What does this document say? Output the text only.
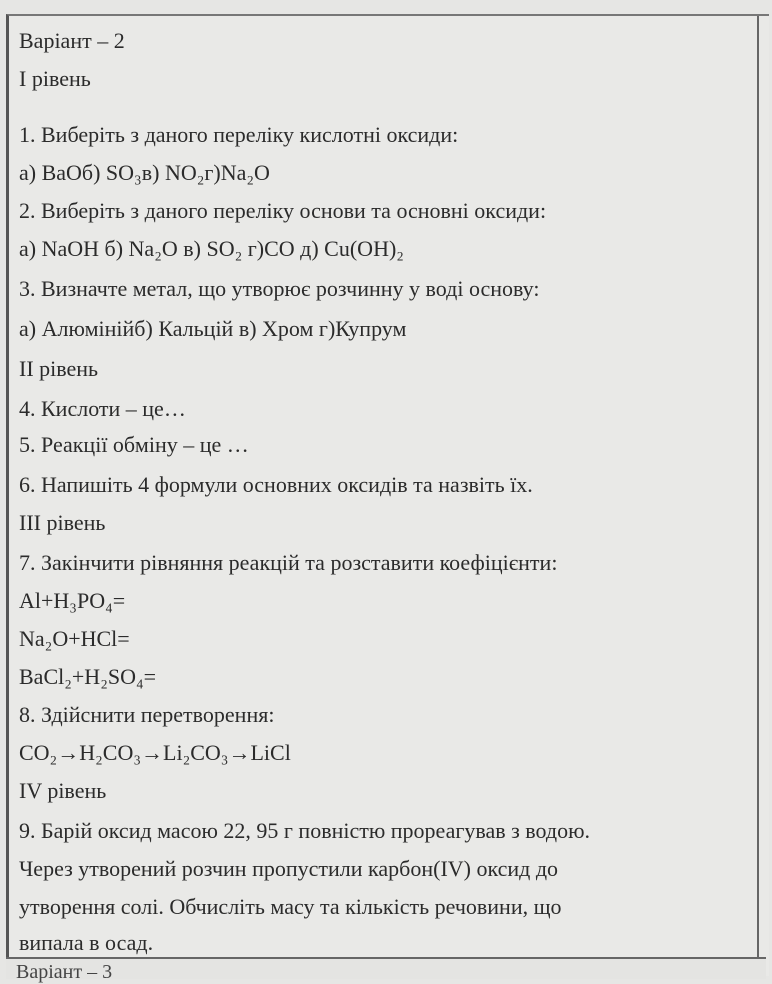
Варіант – 2
І рівень
1. Виберіть з даного переліку кислотні оксиди:
а) BaOб) SO₃в) NO₂г)Na₂O
2. Виберіть з даного переліку основи та основні оксиди:
а) NaOH б) Na₂O в) SO₂ г)CO д) Cu(OH)₂
3. Визначте метал, що утворює розчинну у воді основу:
а) Алюмінійб) Кальцій в) Хром г)Купрум
ІІ рівень
4. Кислоти – це…
5. Реакції обміну – це …
6. Напишіть 4 формули основних оксидів та назвіть їх.
ІІІ рівень
7. Закінчити рівняння реакцій та розставити коефіцієнти:
Al+H₃PO₄=
Na₂O+HCl=
BaCl₂+H₂SO₄=
8. Здійснити перетворення:
CO₂→H₂CO₃→Li₂CO₃→LiCl
IV рівень
9. Барій оксид масою 22, 95 г повністю прореагував з водою.
Через утворений розчин пропустили карбон(IV) оксид до
утворення солі. Обчисліть масу та кількість речовини, що
випала в осад.
Варіант – 3
